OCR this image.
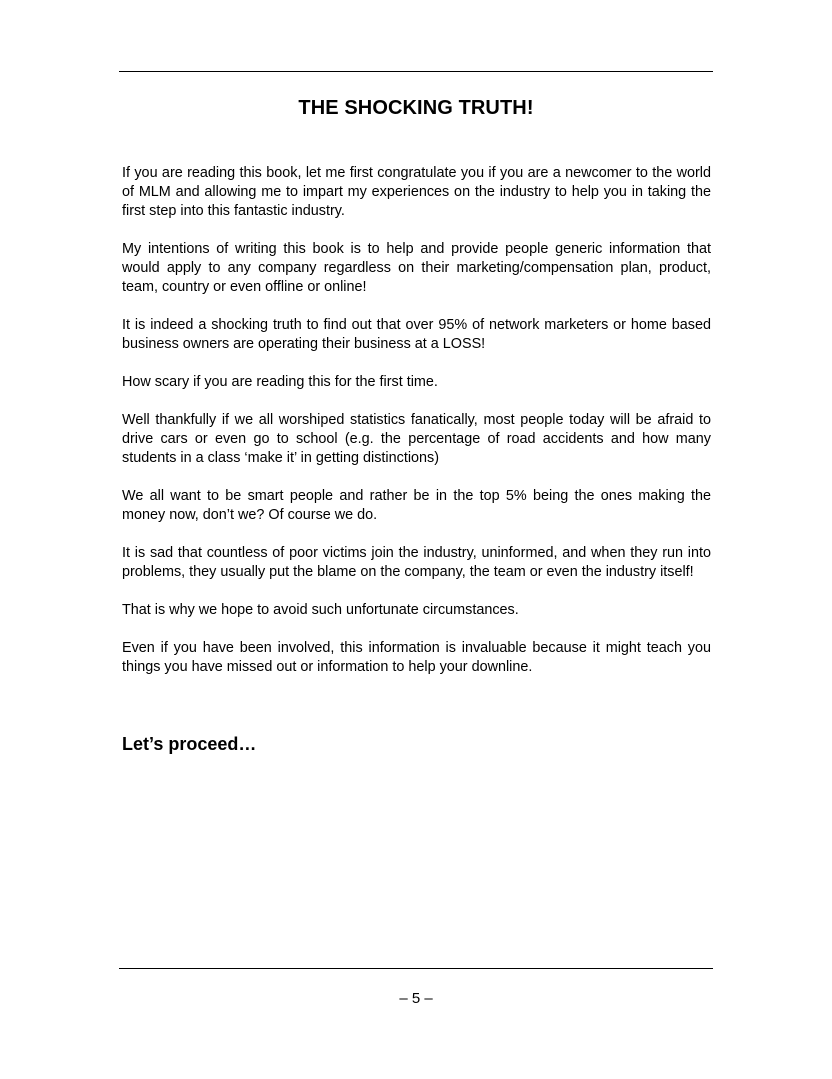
THE SHOCKING TRUTH!

If you are reading this book, let me first congratulate you if you are a newcomer to the world of MLM and allowing me to impart my experiences on the industry to help you in taking the first step into this fantastic industry.

My intentions of writing this book is to help and provide people generic information that would apply to any company regardless on their marketing/compensation plan, product, team, country or even offline or online!

It is indeed a shocking truth to find out that over 95% of network marketers or home based business owners are operating their business at a LOSS!

How scary if you are reading this for the first time.

Well thankfully if we all worshiped statistics fanatically, most people today will be afraid to drive cars or even go to school (e.g. the percentage of road accidents and how many students in a class ‘make it’ in getting distinctions)

We all want to be smart people and rather be in the top 5% being the ones making the money now, don’t we? Of course we do.

It is sad that countless of poor victims join the industry, uninformed, and when they run into problems, they usually put the blame on the company, the team or even the industry itself!

That is why we hope to avoid such unfortunate circumstances.

Even if you have been involved, this information is invaluable because it might teach you things you have missed out or information to help your downline.

Let’s proceed…

– 5 –
